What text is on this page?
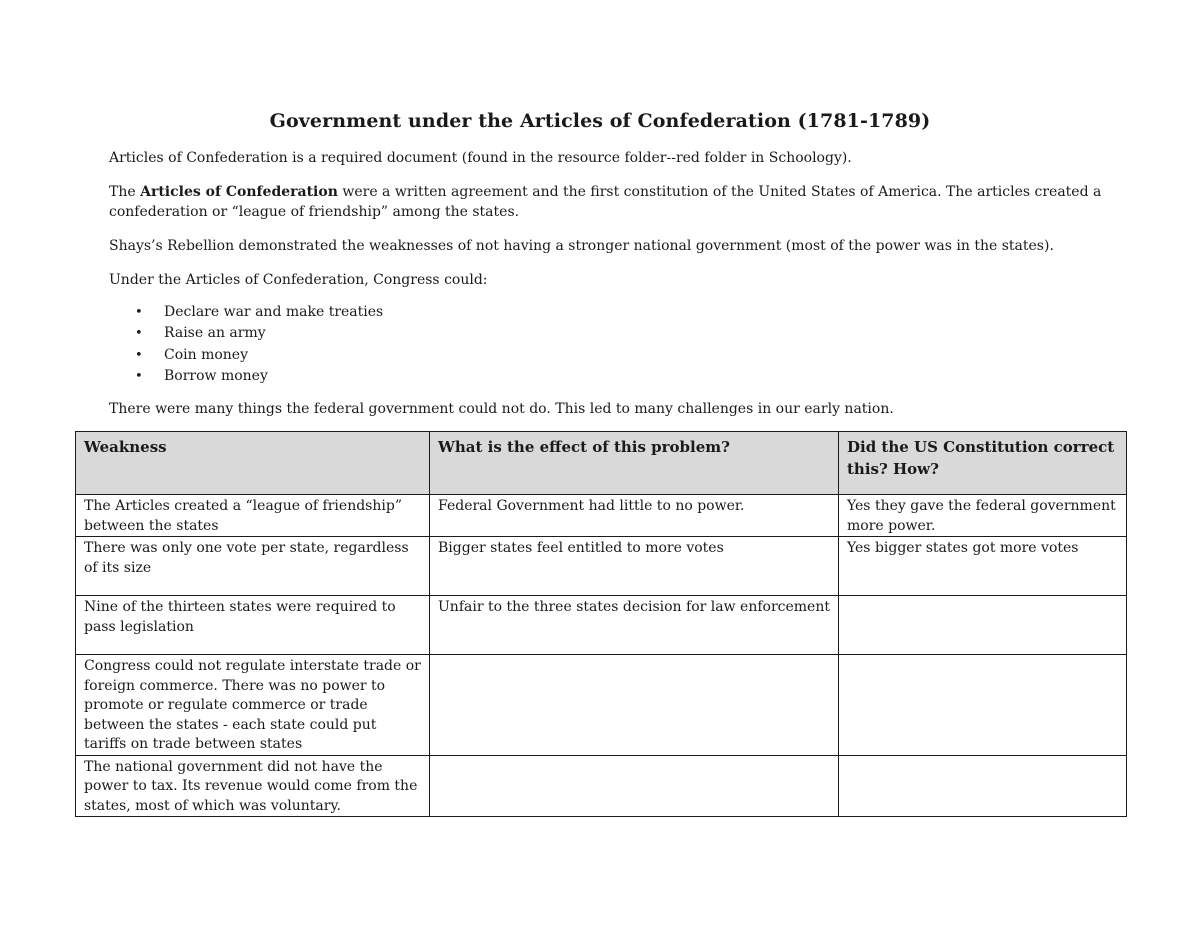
Government under the Articles of Confederation (1781-1789)
Articles of Confederation is a required document (found in the resource folder--red folder in Schoology).
The Articles of Confederation were a written agreement and the first constitution of the United States of America. The articles created a confederation or “league of friendship” among the states.
Shays’s Rebellion demonstrated the weaknesses of not having a stronger national government (most of the power was in the states).
Under the Articles of Confederation, Congress could:
• Declare war and make treaties
• Raise an army
• Coin money
• Borrow money
There were many things the federal government could not do. This led to many challenges in our early nation.
Weakness	What is the effect of this problem?	Did the US Constitution correct this? How?
The Articles created a “league of friendship” between the states	Federal Government had little to no power.	Yes they gave the federal government more power.
There was only one vote per state, regardless of its size	Bigger states feel entitled to more votes	Yes bigger states got more votes
Nine of the thirteen states were required to pass legislation	Unfair to the three states decision for law enforcement	
Congress could not regulate interstate trade or foreign commerce. There was no power to promote or regulate commerce or trade between the states - each state could put tariffs on trade between states		
The national government did not have the power to tax. Its revenue would come from the states, most of which was voluntary.		
